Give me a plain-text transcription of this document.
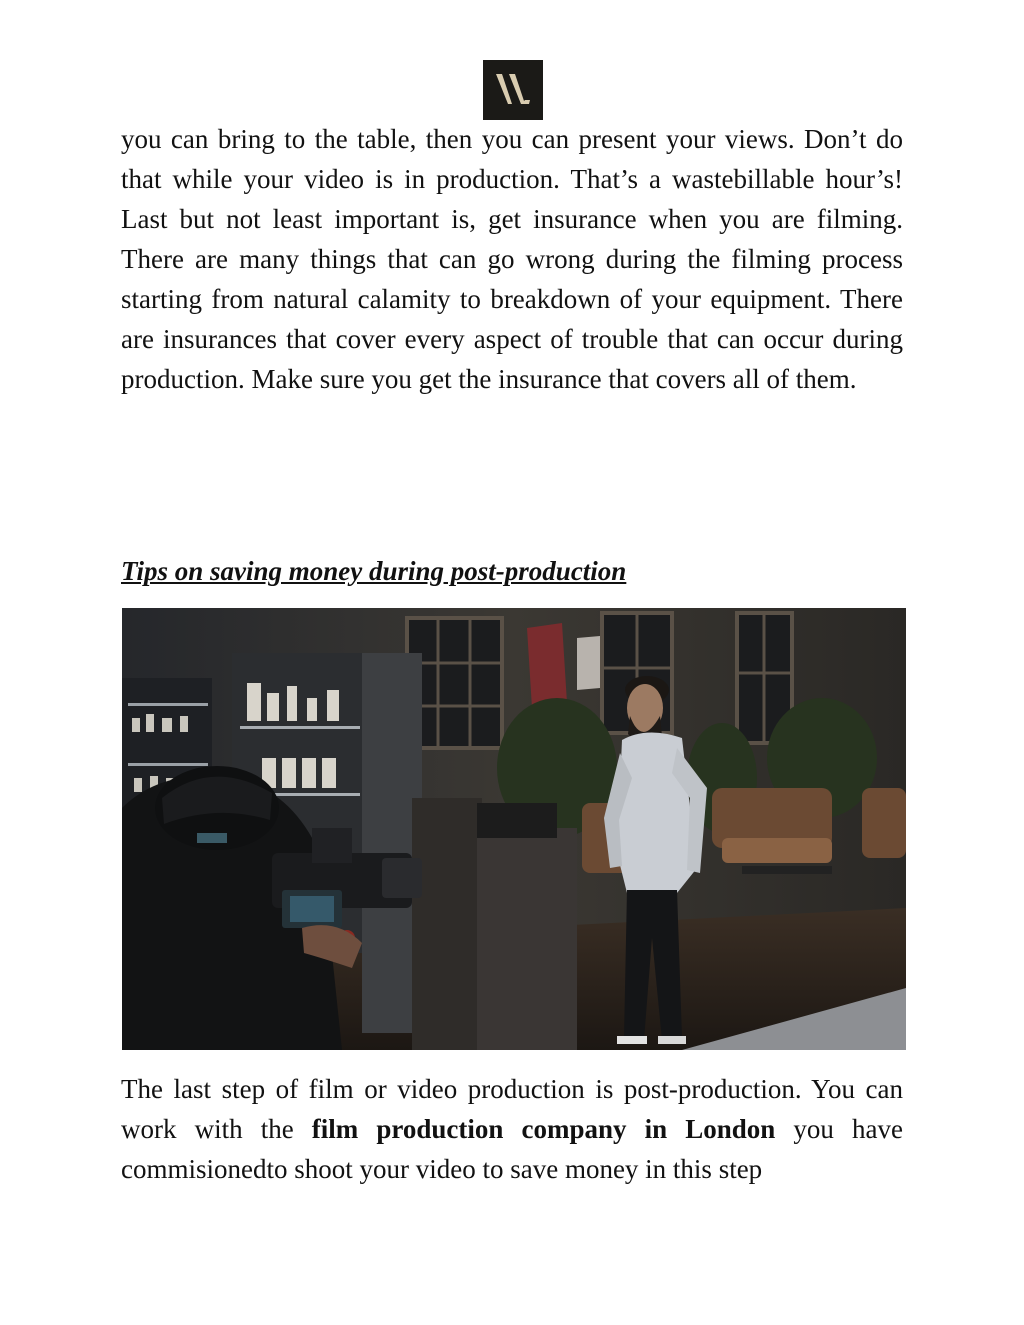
you can bring to the table, then you can present your views. Don’t do that while your video is in production. That’s a wastebillable hour’s! Last but not least important is, get insurance when you are filming. There are many things that can go wrong during the filming process starting from natural calamity to breakdown of your equipment. There are insurances that cover every aspect of trouble that can occur during production. Make sure you get the insurance that covers all of them.

Tips on saving money during post-production

The last step of film or video production is post-production. You can work with the film production company in London you have commisionedto shoot your video to save money in this step
